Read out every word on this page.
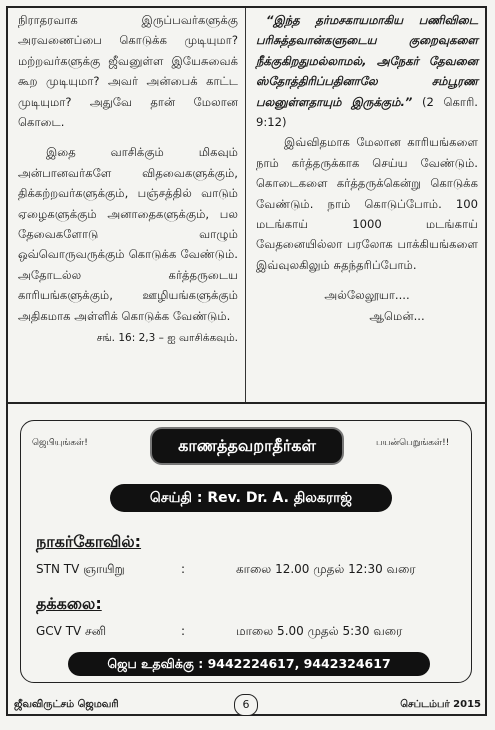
நிராதரவாக இருப்பவர்களுக்கு அரவணைப்பை கொடுக்க முடியுமா? மற்றவர்களுக்கு ஜீவனுள்ள இயேசுவைக் கூற முடியுமா? அவர் அன்பைக் காட்ட முடியுமா? அதுவே தான் மேலான கொடை.

இதை வாசிக்கும் மிகவும் அன்பானவர்களே விதவைகளுக்கும், திக்கற்றவர்களுக்கும், பஞ்சத்தில் வாடும் ஏழைகளுக்கும் அனாதைகளுக்கும், பல தேவைகளோடு வாழும் ஒவ்வொருவருக்கும் கொடுக்க வேண்டும். அதோடல்ல கர்த்தருடைய காரியங்களுக்கும், ஊழியங்களுக்கும் அதிகமாக அள்ளிக் கொடுக்க வேண்டும்.

சங். 16: 2,3 – ஐ வாசிக்கவும்.

“இந்த தர்மசகாயமாகிய பணிவிடை பரிசுத்தவான்களுடைய குறைவுகளை நீக்குகிறதுமல்லாமல், அநேகர் தேவனை ஸ்தோத்திரிப்பதினாலே சம்பூரண பலனுள்ளதாயும் இருக்கும்.” (2 கொரி. 9:12)

இவ்விதமாக மேலான காரியங்களை நாம் கர்த்தருக்காக செய்ய வேண்டும். கொடைகளை கர்த்தருக்கென்று கொடுக்க வேண்டும். நாம் கொடுப்போம். 100 மடங்காய் 1000 மடங்காய் வேதனையில்லா பரலோக பாக்கியங்களை இவ்வுலகிலும் சுதந்தரிப்போம்.

அல்லேலூயா....

ஆமென்...

ஜெபியுங்கள்!	காணத்தவறாதீர்கள்	பயன்பெறுங்கள்!!
செய்தி : Rev. Dr. A. திலகராஜ்
நாகர்கோவில்:
STN TV ஞாயிறு	:	காலை 12.00 முதல் 12:30 வரை
தக்கலை:
GCV TV சனி	:	மாலை 5.00 முதல் 5:30 வரை
ஜெப உதவிக்கு : 9442224617, 9442324617
ஜீவவிருட்சம் ஜெமவரி	6	செப்டம்பர் 2015
